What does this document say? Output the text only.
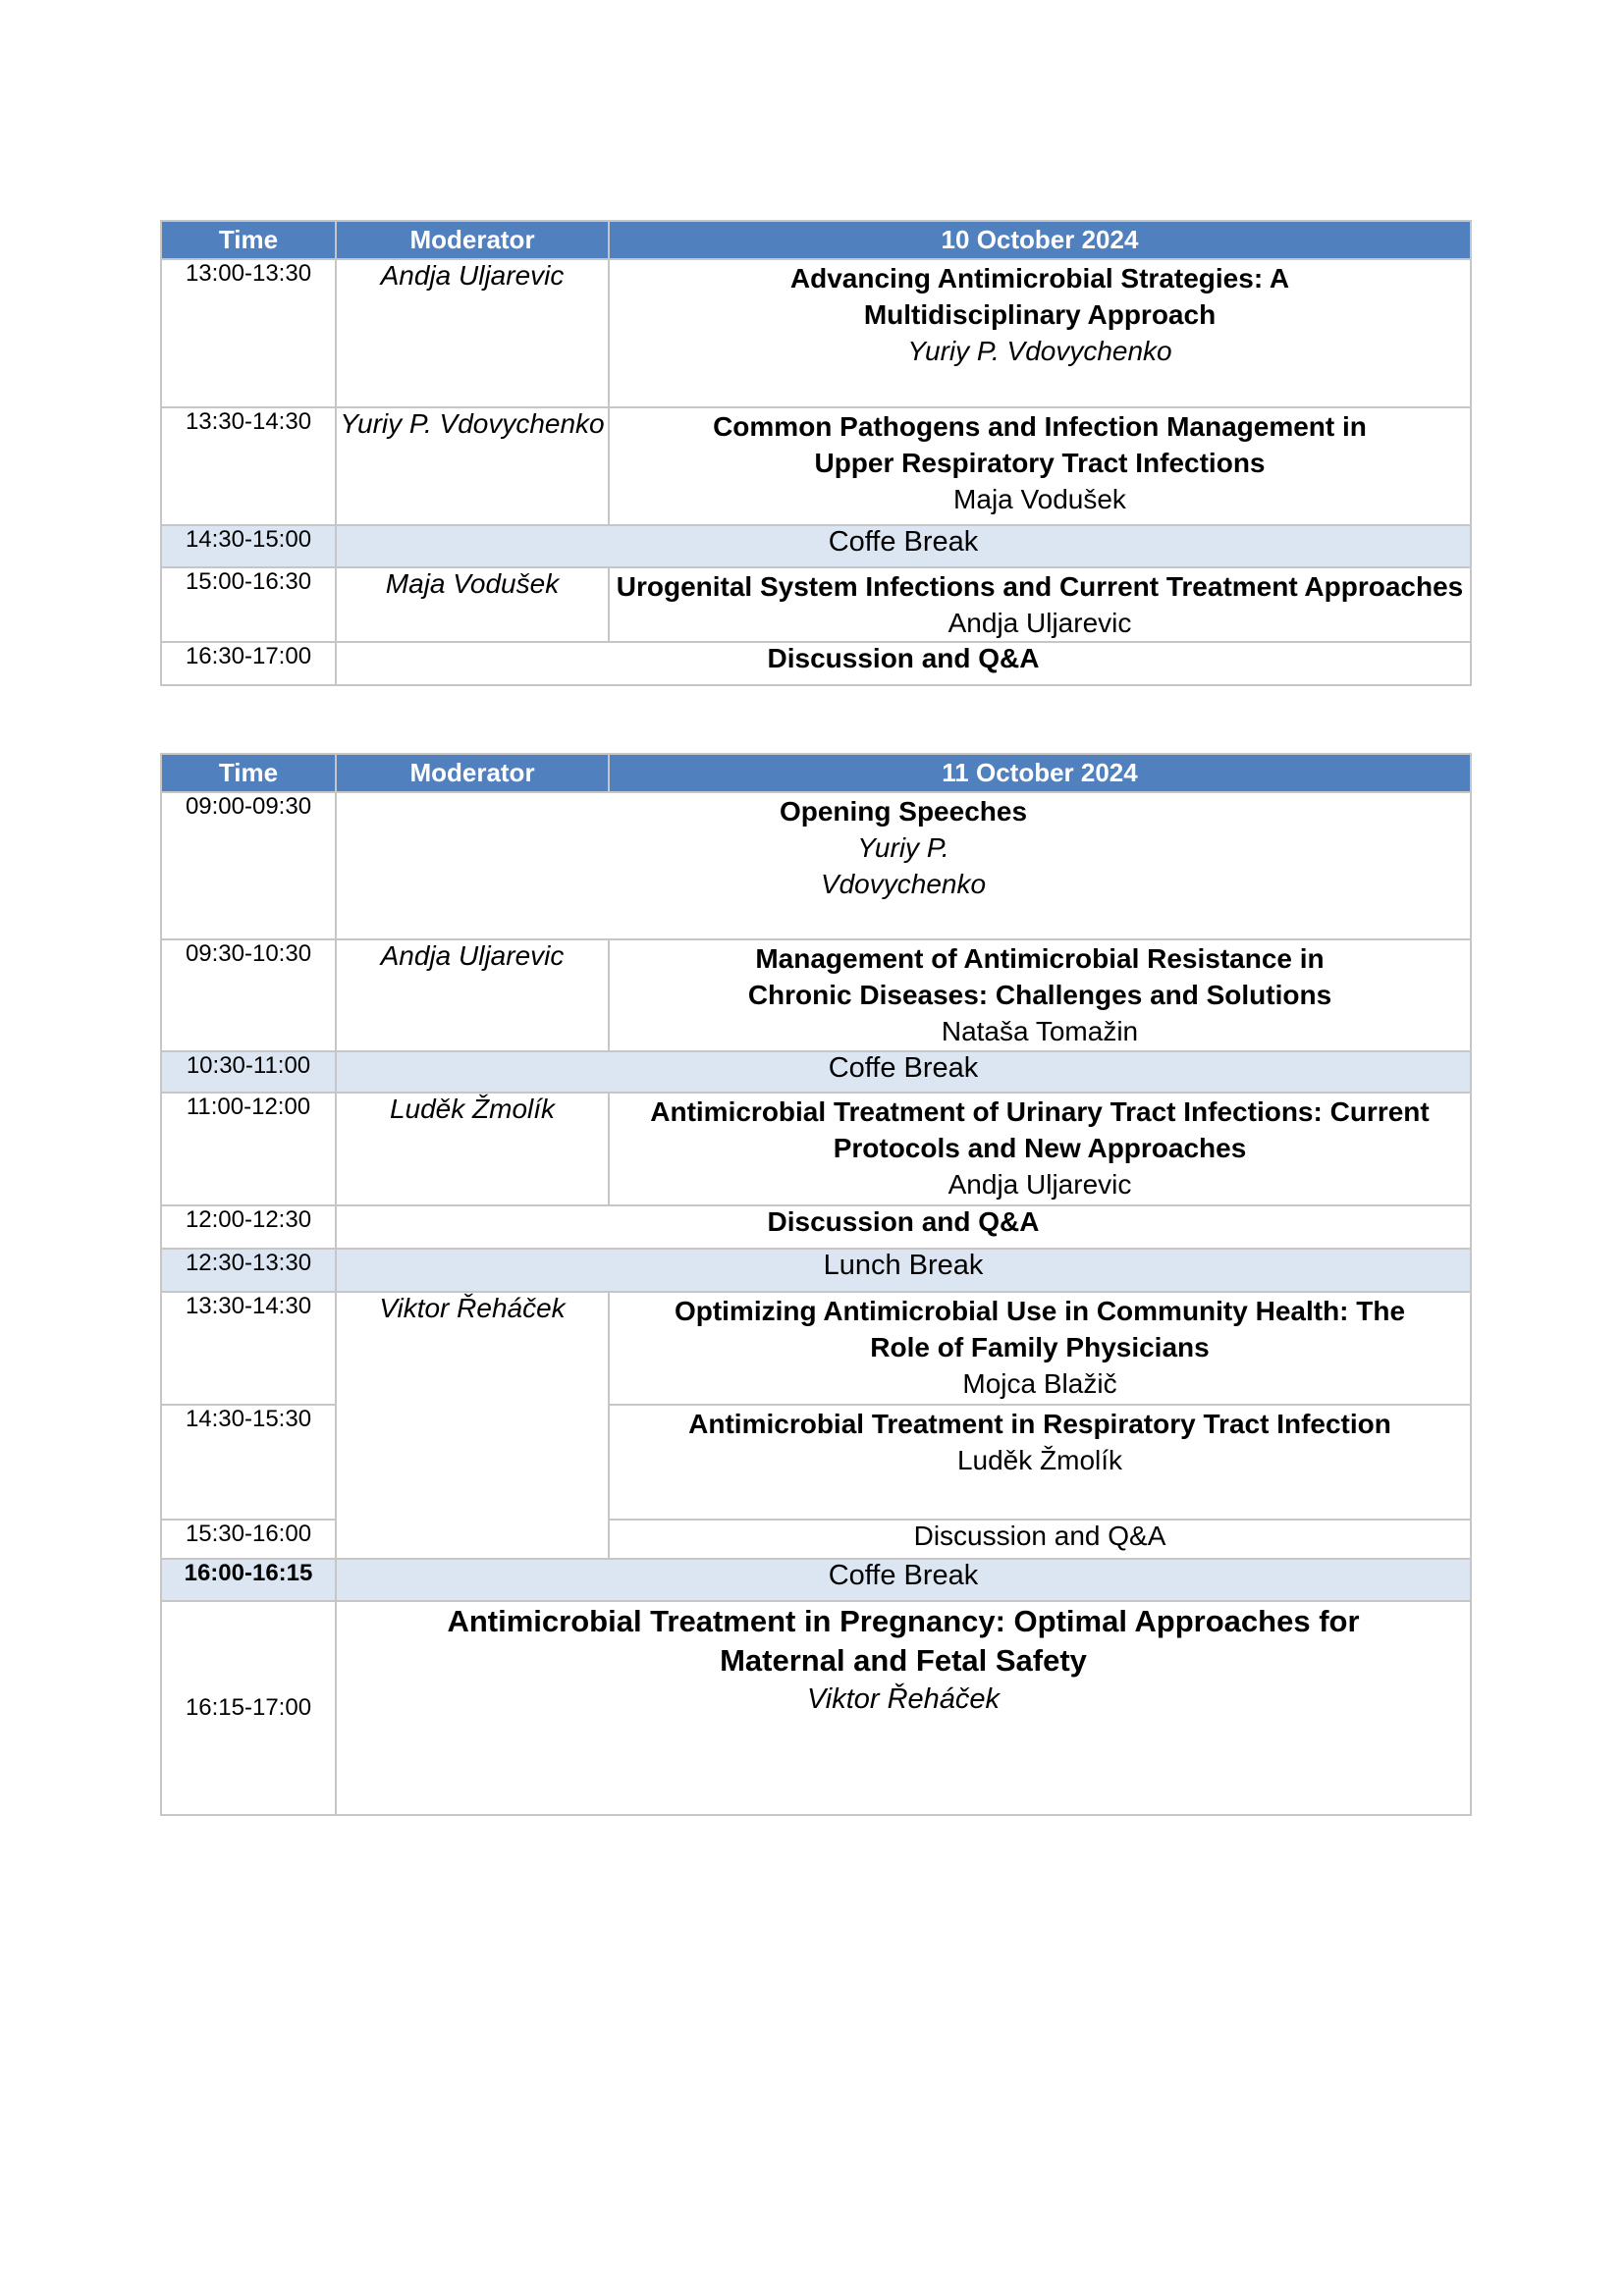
Time	Moderator	10 October 2024
13:00-13:30	Andja Uljarevic	Advancing Antimicrobial Strategies: A
Multidisciplinary Approach
Yuriy P. Vdovychenko

13:30-14:30	Yuriy P. Vdovychenko	Common Pathogens and Infection Management in
Upper Respiratory Tract Infections
Maja Vodušek

14:30-15:00	Coffe Break	
15:00-16:30	Maja Vodušek	Urogenital System Infections and Current Treatment Approaches
Andja Uljarevic

16:30-17:00	Discussion and Q&A	
Time	Moderator	11 October 2024
09:00-09:30	Opening Speeches
Yuriy P.
Vdovychenko	

09:30-10:30	Andja Uljarevic	Management of Antimicrobial Resistance in
Chronic Diseases: Challenges and Solutions
Nataša Tomažin

10:30-11:00	Coffe Break	
11:00-12:00	Luděk Žmolík	Antimicrobial Treatment of Urinary Tract Infections: Current
Protocols and New Approaches
Andja Uljarevic

12:00-12:30	Discussion and Q&A	
12:30-13:30	Lunch Break	
13:30-14:30	Viktor Řeháček	Optimizing Antimicrobial Use in Community Health: The
Role of Family Physicians
Mojca Blažič

14:30-15:30		Antimicrobial Treatment in Respiratory Tract Infection
Luděk Žmolík

15:30-16:00		Discussion and Q&A
16:00-16:15	Coffe Break	
16:15-17:00	Antimicrobial Treatment in Pregnancy: Optimal Approaches for
Maternal and Fetal Safety
Viktor Řeháček	
